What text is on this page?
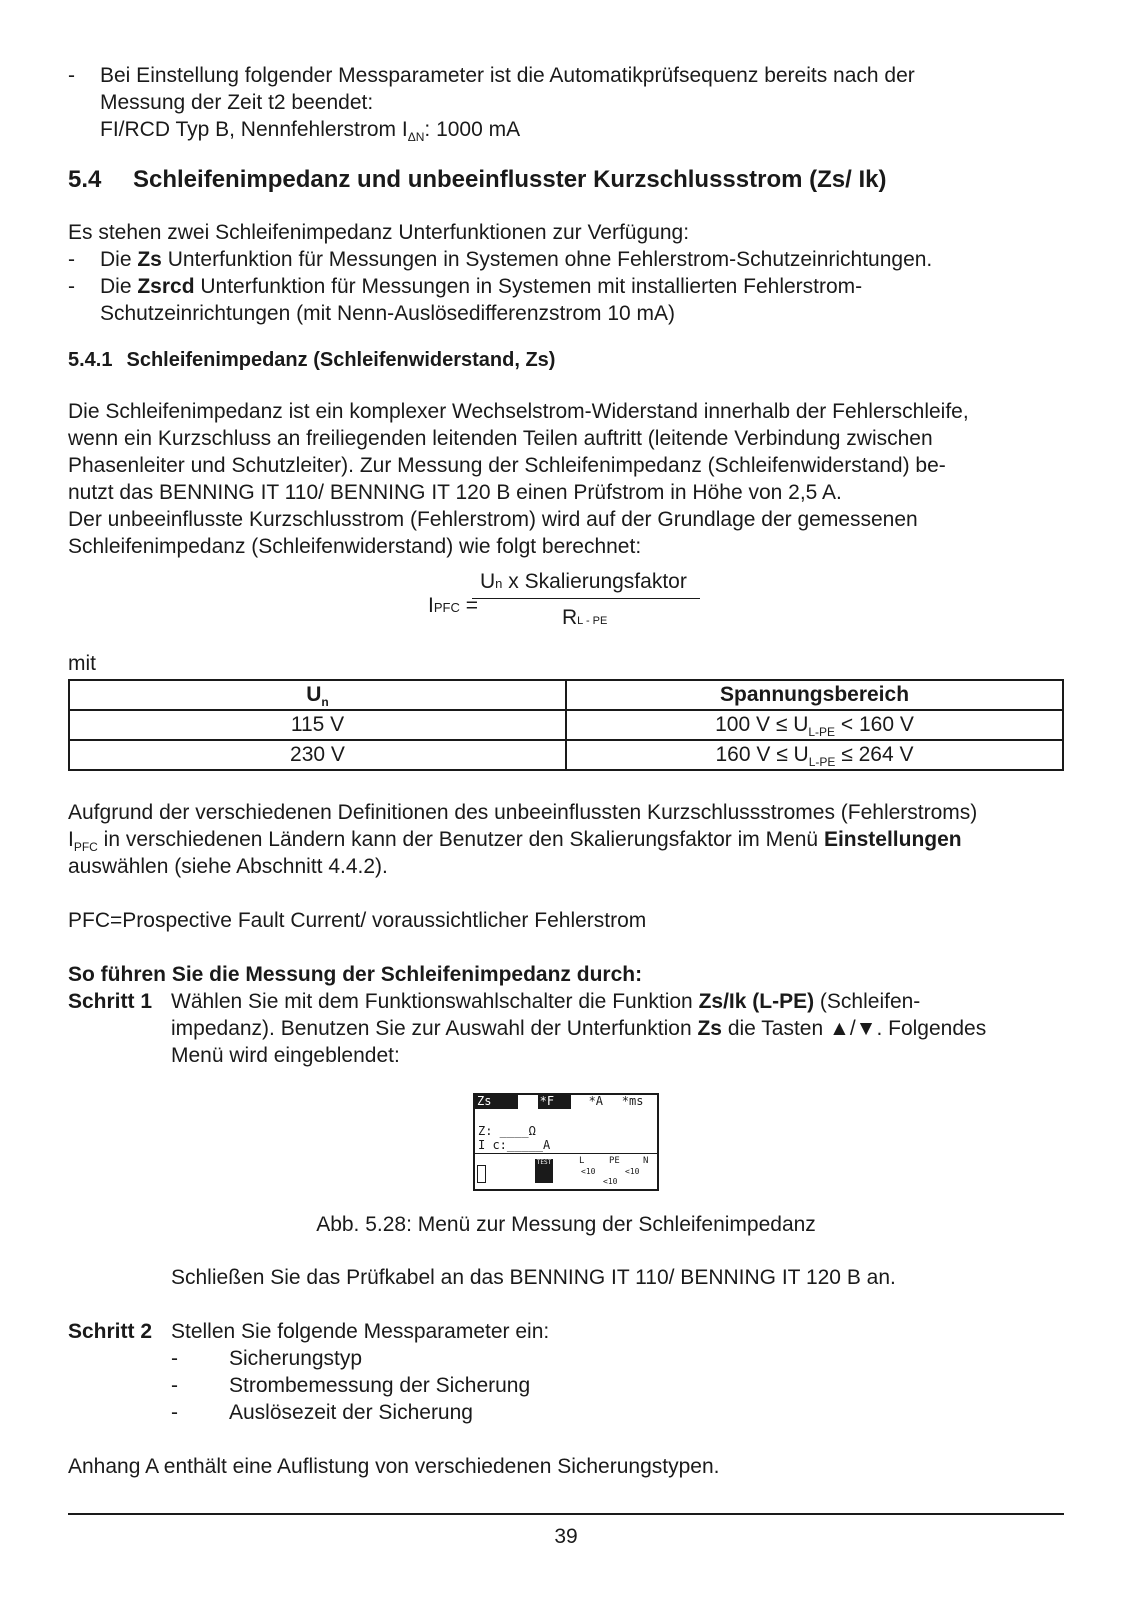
-	Bei Einstellung folgender Messparameter ist die Automatikprüfsequenz bereits nach der

Messung der Zeit t2 beendet:

FI/RCD Typ B, Nennfehlerstrom $I_{\Delta N}$: 1000 mA

5.4	Schleifenimpedanz und unbeeinflusster Kurzschlussstrom (Zs/ Ik)

Es stehen zwei Schleifenimpedanz Unterfunktionen zur Verfügung:

-	Die Zs Unterfunktion für Messungen in Systemen ohne Fehlerstrom-Schutzeinrichtungen.
-	Die Zsrcd Unterfunktion für Messungen in Systemen mit installierten Fehlerstrom-

Schutzeinrichtungen (mit Nenn-Auslösedifferenzstrom 10 mA)

5.4.1 Schleifenimpedanz (Schleifenwiderstand, Zs)

Die Schleifenimpedanz ist ein komplexer Wechselstrom-Widerstand innerhalb der Fehlerschleife,

wenn ein Kurzschluss an freiliegenden leitenden Teilen auftritt (leitende Verbindung zwischen

Phasenleiter und Schutzleiter). Zur Messung der Schleifenimpedanz (Schleifenwiderstand) be-

nutzt das BENNING IT 110/ BENNING IT 120 B einen Prüfstrom in Höhe von 2,5 A.

Der unbeeinflusste Kurzschlusstrom (Fehlerstrom) wird auf der Grundlage der gemessenen

Schleifenimpedanz (Schleifenwiderstand) wie folgt berechnet:

IPFC =
Un x Skalierungsfaktor
RL - PE

mit

$U_n$	Spannungsbereich
115 V	100 $V \le U_{L-PE} < 160$ V
230 V	160 $V \le U_{L-PE} \le 264$ V

Aufgrund der verschiedenen Definitionen des unbeeinflussten Kurzschlussstromes (Fehlerstroms)

$I_{PFC}$ in verschiedenen Ländern kann der Benutzer den Skalierungsfaktor im Menü Einstellungen

auswählen (siehe Abschnitt 4.4.2).

PFC=Prospective Fault Current/ voraussichtlicher Fehlerstrom

So führen Sie die Messung der Schleifenimpedanz durch:

Schritt 1 Wählen Sie mit dem Funktionswahlschalter die Funktion Zs/Ik (L-PE) (Schleifen-

impedanz). Benutzen Sie zur Auswahl der Unterfunktion Zs die Tasten ▲/▼. Folgendes

Menü wird eingeblendet:

Zs	*F	*A	*ms
Z: ____Ω
I c:_____A
TEST	L	PE	N
<10	<10
<10

Abb. 5.28: Menü zur Messung der Schleifenimpedanz

Schließen Sie das Prüfkabel an das BENNING IT 110/ BENNING IT 120 B an.

Schritt 2 Stellen Sie folgende Messparameter ein:

-	Sicherungstyp
-	Strombemessung der Sicherung
-	Auslösezeit der Sicherung

Anhang A enthält eine Auflistung von verschiedenen Sicherungstypen.

39
